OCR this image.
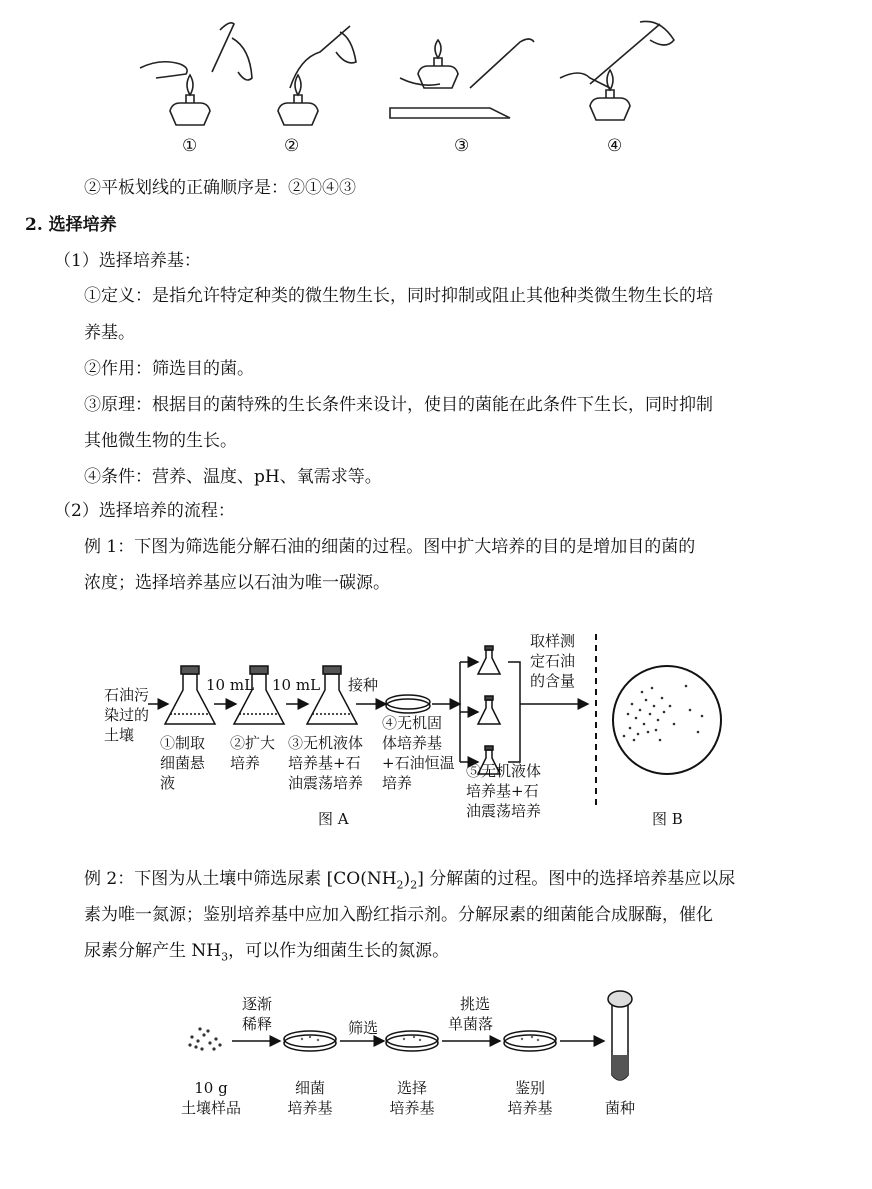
①	②	③	④
②平板划线的正确顺序是：②①④③
2. 选择培养
（1）选择培养基：
①定义：是指允许特定种类的微生物生长，同时抑制或阻止其他种类微生物生长的培
养基。
②作用：筛选目的菌。
③原理：根据目的菌特殊的生长条件来设计，使目的菌能在此条件下生长，同时抑制
其他微生物的生长。
④条件：营养、温度、pH、氧需求等。
（2）选择培养的流程：
例 1：下图为筛选能分解石油的细菌的过程。图中扩大培养的目的是增加目的菌的
浓度；选择培养基应以石油为唯一碳源。
石油污
染过的
土壤
10 mL 10 mL 接种
①制取
细菌悬
液
②扩大
培养
③无机液体
培养基+石
油震荡培养
④无机固
体培养基
+石油恒温
培养
⑤无机液体
培养基+石
油震荡培养
取样测
定石油
的含量
图 A	图 B
例 2：下图为从土壤中筛选尿素 $[CO(NH_2)_2]$ 分解菌的过程。图中的选择培养基应以尿
素为唯一氮源；鉴别培养基中应加入酚红指示剂。分解尿素的细菌能合成脲酶，催化
尿素分解产生 $NH_3$，可以作为细菌生长的氮源。
逐渐
稀释	筛选
挑选
单菌落
10 g
土壤样品
细菌
培养基
选择
培养基
鉴别
培养基	菌种
